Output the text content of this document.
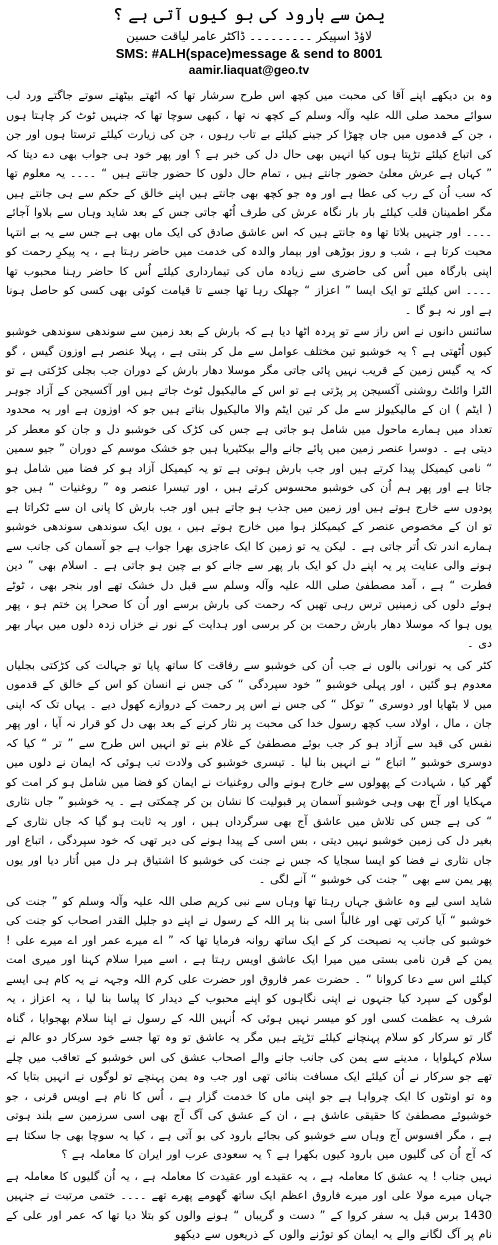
یمن سے بارود کی بو کیوں آتی ہے ؟
لاؤڈ اسپیکر ۔۔۔۔۔۔۔۔۔ ڈاکٹر عامر لیاقت حسین
SMS: #ALH(space)message & send to 8001
aamir.liaquat@geo.tv

وہ بن دیکھے اپنے آقا کی محبت میں کچھ اس طرح سرشار تھا کہ اٹھتے بیٹھتے سوتے جاگتے ورد لب سوائے محمد صلی اللہ علیہ وآلہ وسلم کے کچھ نہ تھا ، کبھی سوچا تھا کہ جنہیں ٹوٹ کر چاہتا ہوں ، جن کے قدموں میں جاں چھڑا کر جینے کیلئے بے تاب رہوں ، جن کی زیارت کیلئے ترستا ہوں اور جن کی اتباع کیلئے تڑپتا ہوں کیا انہیں بھی حال دل کی خبر ہے ؟ اور پھر خود ہی جواب بھی دے دیتا کہ ” کہاں ہے عرش معلیٰ حضور جانتے ہیں ، تمام حال دلوں کا حضور جانتے ہیں “ ۔۔۔۔ یہ معلوم تھا کہ سب اُن کے رب کی عطا ہے اور وہ جو کچھ بھی جانتے ہیں اپنے خالق کے حکم سے ہی جانتے ہیں مگر اطمینان قلب کیلئے بار بار نگاہ عرش کی طرف اُٹھ جاتی جس کے بعد شاید وہاں سے بلاوا آجائے ۔۔۔۔ اور جنہیں بلاتا تھا وہ جانتے ہیں کہ اس عاشق صادق کی ایک ماں بھی ہے جس سے یہ بے انتہا محبت کرتا ہے ، شب و روز بوڑھی اور بیمار والدہ کی خدمت میں حاضر رہتا ہے ، یہ پیکرِ رحمت کو اپنی بارگاہ میں اُس کی حاضری سے زیادہ ماں کی تیمارداری کیلئے اُس کا حاضر رہنا محبوب تھا ۔۔۔۔ اس کیلئے تو ایک ایسا ” اعزاز “ جھلک رہا تھا جسے تا قیامت کوئی بھی کسی کو حاصل ہونا ہے اور نہ ہو گا ۔

سائنس دانوں نے اس راز سے تو پردہ اٹھا دیا ہے کہ بارش کے بعد زمین سے سوندھی سوندھی خوشبو کیوں اُٹھتی ہے ؟ یہ خوشبو تین مختلف عوامل سے مل کر بنتی ہے ، پہلا عنصر ہے اوزون گیس ، گو کہ یہ گیس زمین کے قریب نہیں پائی جاتی مگر موسلا دھار بارش کے دوران جب بجلی کڑکتی ہے تو الٹرا وائلٹ روشنی آکسیجن پر پڑتی ہے تو اس کے مالیکیول ٹوٹ جاتے ہیں اور آکسیجن کے آزاد جوہر ( ایٹم ) ان کے مالیکیولز سے مل کر تین ایٹم والا مالیکیول بناتے ہیں جو کہ اوزون ہے اور یہ محدود تعداد میں ہمارے ماحول میں شامل ہو جاتی ہے جس کی کڑک کی خوشبو دل و جان کو معطر کر دیتی ہے ۔ دوسرا عنصر زمین میں پائے جانے والے بیکٹیریا ہیں جو خشک موسم کے دوران ” جیو سمین “ نامی کیمیکل پیدا کرتے ہیں اور جب بارش ہوتی ہے تو یہ کیمیکل آزاد ہو کر فضا میں شامل ہو جاتا ہے اور پھر ہم اُن کی خوشبو محسوس کرتے ہیں ، اور تیسرا عنصر وہ ” روغنیات “ ہیں جو پودوں سے خارج ہوتے ہیں اور زمین میں جذب ہو جاتے ہیں اور جب بارش کا پانی ان سے ٹکراتا ہے تو ان کے مخصوص عنصر کے کیمیکلز ہوا میں خارج ہوتے ہیں ، یوں ایک سوندھی سوندھی خوشبو ہمارے اندر تک اُتر جاتی ہے ۔ لیکن یہ تو زمین کا ایک عاجزی بھرا جواب ہے جو آسمان کی جانب سے ہونے والی عنایت پر یہ اپنے دل کو ایک بار پھر سے جانے کو بے چین ہو جاتی ہے ۔ اسلام بھی ” دین فطرت “ ہے ، آمد مصطفیٰ صلی اللہ علیہ وآلہ وسلم سے قبل دل خشک تھے اور بنجر بھی ، ٹوٹے ہوئے دلوں کی زمینیں ترس رہی تھیں کہ رحمت کی بارش برسے اور اُن کا صحرا پن ختم ہو ، پھر یوں ہوا کہ موسلا دھار بارش رحمت بن کر برسی اور ہدایت کے نور نے خزاں زدہ دلوں میں بہار بھر دی ۔

کٹر کی یہ نورانی بالوں نے جب اُن کی خوشبو سے رفاقت کا ساتھ پایا تو جہالت کی کڑکتی بجلیاں معدوم ہو گئیں ، اور پہلی خوشبو ” خود سپردگی “ کی جس نے انسان کو اس کے خالق کے قدموں میں لا بٹھایا اور دوسری ” توکل “ کی جس نے اس پر رحمت کے دروازے کھول دیے ۔ یہاں تک کہ اپنی جان ، مال ، اولاد سب کچھ رسول خدا کی محبت پر نثار کرنے کے بعد بھی دل کو قرار نہ آیا ، اور پھر نفس کی قید سے آزاد ہو کر جب بوئے مصطفیٰ کے غلام بنے تو انہیں اس طرح سے ” تر “ کیا کہ دوسری خوشبو ” اتباع “ نے انہیں بنا لیا ۔ تیسری خوشبو کی ولادت تب ہوئی کہ ایمان نے دلوں میں گھر کیا ، شہادت کے پھولوں سے خارج ہونے والی روغنیات نے ایمان کو فضا میں شامل ہو کر امت کو مہکایا اور آج بھی وہی خوشبو آسمان پر قبولیت کا نشان بن کر چمکتی ہے ۔ یہ خوشبو ” جاں نثاری “ کی ہے جس کی تلاش میں عاشق آج بھی سرگرداں ہیں ، اور یہ ثابت ہو گیا کہ جاں نثاری کے بغیر دل کی زمین خوشبو نہیں دیتی ، بس اسی کے پیدا ہونے کی دیر تھی کہ خود سپردگی ، اتباع اور جاں نثاری نے فضا کو ایسا سجایا کہ جس نے جنت کی خوشبو کا اشتیاق ہر دل میں اُتار دیا اور یوں پھر یمن سے بھی ” جنت کی خوشبو “ آنے لگی ۔

شاید اسی لیے وہ عاشق جہاں رہتا تھا وہاں سے نبی کریم صلی اللہ علیہ وآلہ وسلم کو ” جنت کی خوشبو “ آیا کرتی تھی اور غالباً اسی بنا پر اللہ کے رسول نے اپنے دو جلیل القدر اصحاب کو جنت کی خوشبو کی جانب یہ نصیحت کر کے ایک ساتھ روانہ فرمایا تھا کہ ” اے میرے عمر اور اے میرے علی ! یمن کے قرن نامی بستی میں میرا ایک عاشق اویس رہتا ہے ، اسے میرا سلام کہنا اور میری امت کیلئے اس سے دعا کروانا “ ۔ حضرت عمر فاروق اور حضرت علی کرم اللہ وجہہ نے یہ کام ہی ایسے لوگوں کے سپرد کیا جنہوں نے اپنی نگاہوں کو اپنے محبوب کے دیدار کا پیاسا بنا لیا ، یہ اعزاز ، یہ شرف یہ عظمت کسی اور کو میسر نہیں ہوئی کہ اُنہیں اللہ کے رسول نے اپنا سلام بھجوایا ، گناہ گار تو سرکار کو سلام پہنچانے کیلئے تڑپتے ہیں مگر یہ عاشق تو وہ تھا جسے خود سرکار دو عالم نے سلام کہلوایا ، مدینے سے یمن کی جانب جانے والے اصحاب عشق کی اس خوشبو کے تعاقب میں چلے تھے جو سرکار نے اُن کیلئے ایک مسافت بنائی تھی اور جب وہ یمن پہنچے تو لوگوں نے انہیں بتایا کہ وہ تو اونٹوں کا ایک چرواہا ہے جو اپنی ماں کا خدمت گزار ہے ، اُس کا نام ہے اویس قرنی ، جو خوشبوئے مصطفیٰ کا حقیقی عاشق ہے ، ان کے عشق کی آگ آج بھی اسی سرزمین سے بلند ہوتی ہے ، مگر افسوس آج وہاں سے خوشبو کی بجائے بارود کی بو آتی ہے ، کیا یہ سوچا بھی جا سکتا ہے کہ آج اُن کی گلیوں میں بارود کیوں بکھرا ہے ؟ یہ سعودی عرب اور ایران کا معاملہ ہے ؟

نہیں جناب ! یہ عشق کا معاملہ ہے ، یہ عقیدے اور عقیدت کا معاملہ ہے ، یہ اُن گلیوں کا معاملہ ہے جہاں میرے مولا علی اور میرے فاروق اعظم ایک ساتھ گھومے پھرے تھے ۔۔۔۔ ختمی مرتبت نے جنہیں 1430 برس قبل یہ سفر کروا کے ” دست و گریباں “ ہونے والوں کو بتلا دیا تھا کہ عمر اور علی کے نام پر آگ لگانے والے یہ ایمان کو توڑنے والوں کے ذریعوں سے دیکھو
